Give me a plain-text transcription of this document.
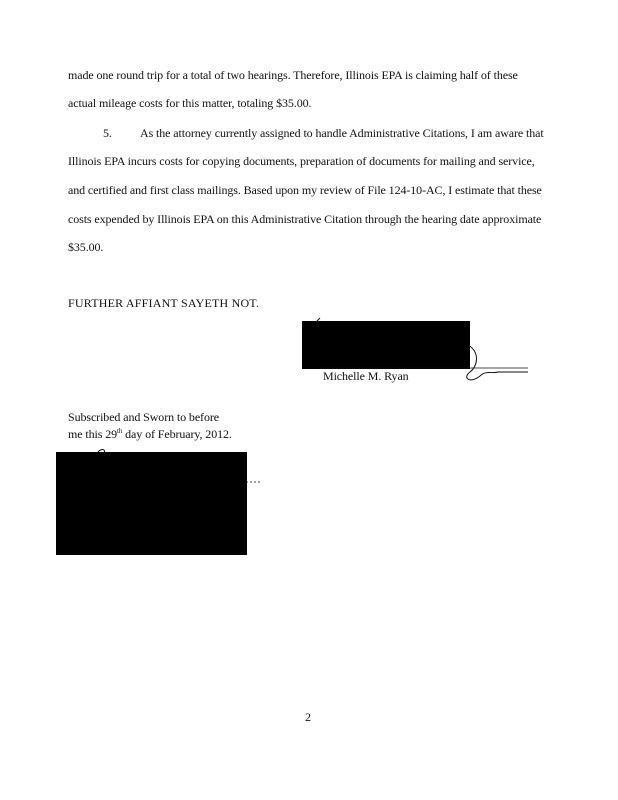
made one round trip for a total of two hearings. Therefore, Illinois EPA is claiming half of these
actual mileage costs for this matter, totaling $35.00.
5. As the attorney currently assigned to handle Administrative Citations, I am aware that
Illinois EPA incurs costs for copying documents, preparation of documents for mailing and service,
and certified and first class mailings. Based upon my review of File 124-10-AC, I estimate that these
costs expended by Illinois EPA on this Administrative Citation through the hearing date approximate
$35.00.
FURTHER AFFIANT SAYETH NOT.
Michelle M. Ryan
Subscribed and Sworn to before
me this 29th day of February, 2012.
2
